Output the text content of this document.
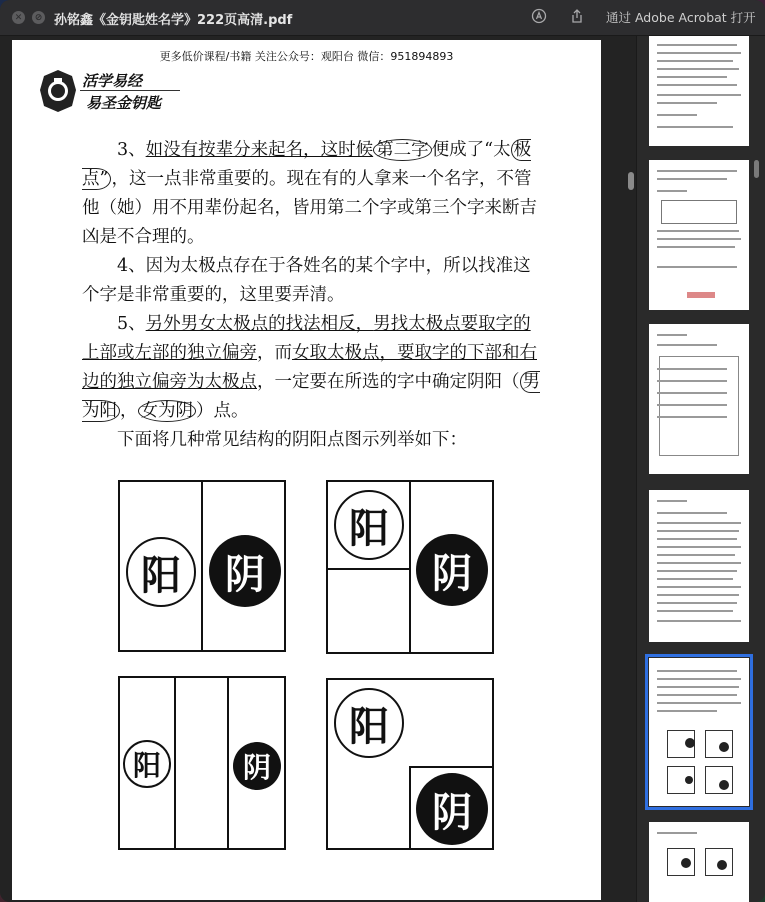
✕	⊘ 孙铭鑫《金钥匙姓名学》222页高清.pdf	通过 Adobe Acrobat 打开
更多低价课程/书籍 关注公众号：观阳台 微信：951894893
活学易经
易圣金钥匙

3、如没有按辈分来起名，这时候 第二字 便成了“太 极点” ，这一点非常重要的。现在有的人拿来一个名字，不管他（她）用不用辈份起名，皆用第二个字或第三个字来断吉凶是不合理的。

4、因为太极点存在于各姓名的某个字中，所以找准这个字是非常重要的，这里要弄清。

5、另外男女太极点的找法相反，男找太极点要取字的上部或左部的独立偏旁，而女取太极点，要取字的下部和右边的独立偏旁为太极点，一定要在所选的字中确定阴阳（ 男为阳 ， 女为阴 ）点。

下面将几种常见结构的阴阳点图示列举如下：

阳	阴
阳
阴
阳	阴
阳
阴
